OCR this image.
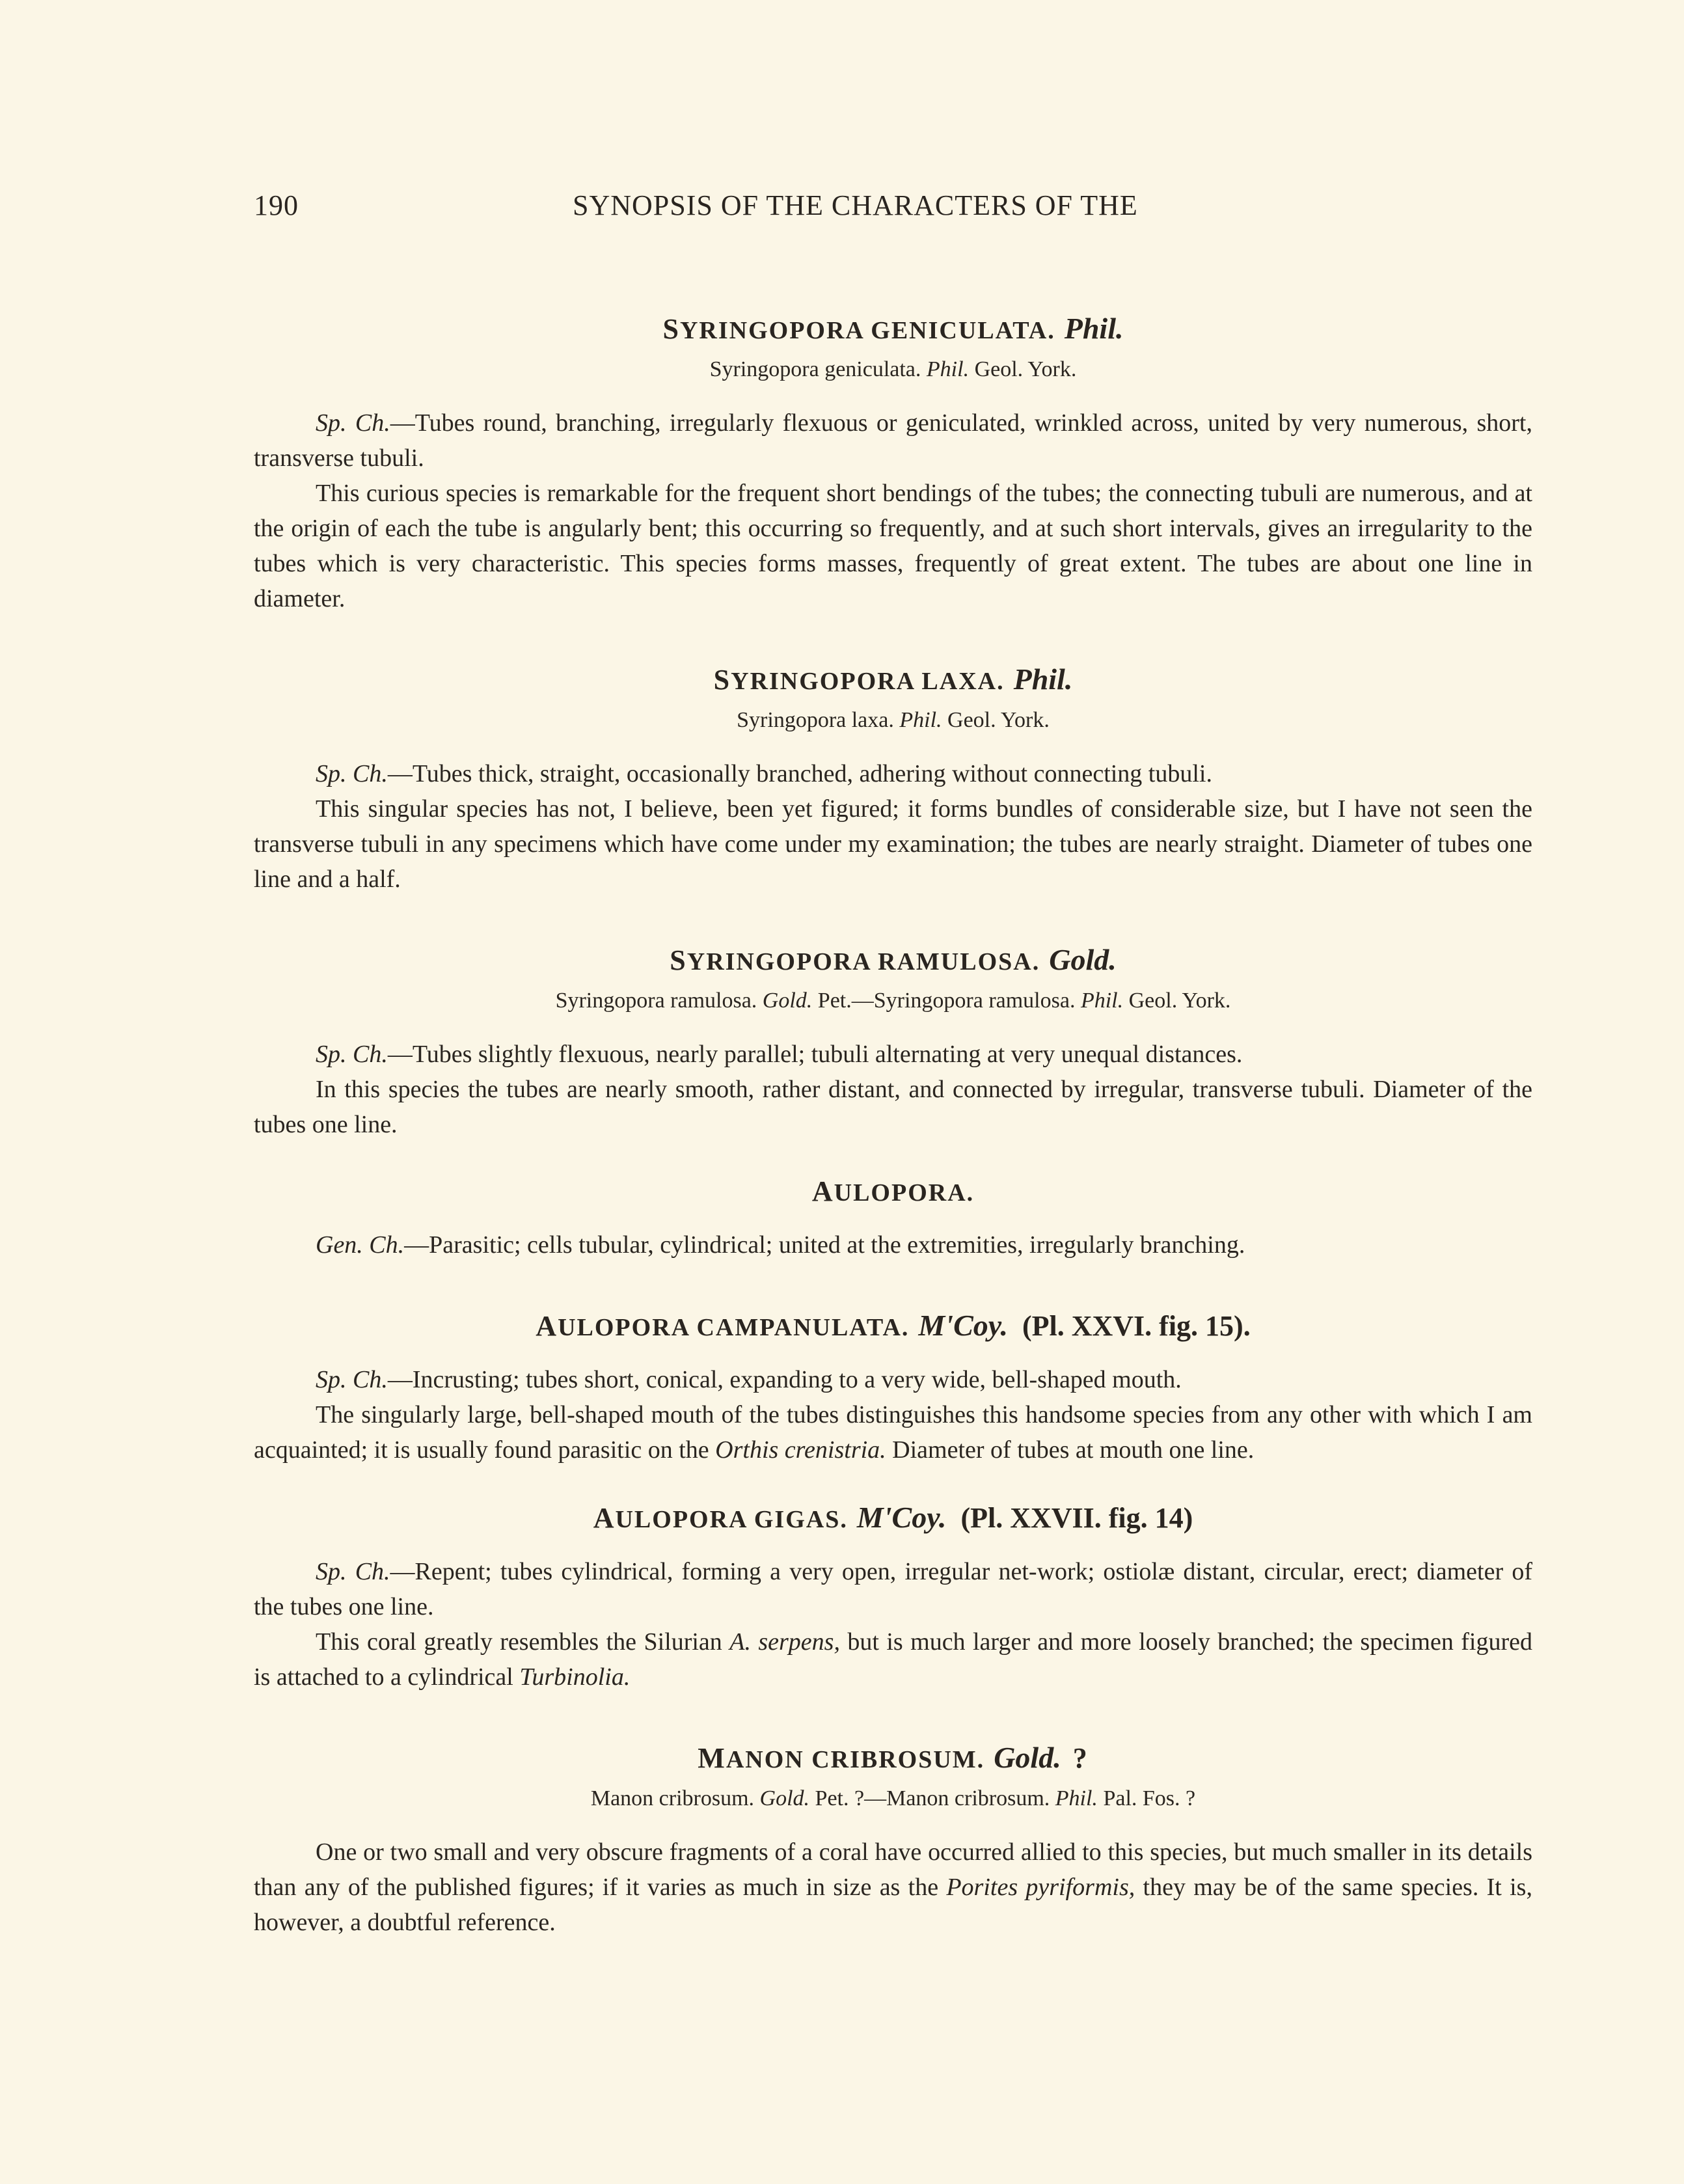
190	SYNOPSIS OF THE CHARACTERS OF THE
SYRINGOPORA GENICULATA. Phil.
Syringopora geniculata. Phil. Geol. York.

Sp. Ch.—Tubes round, branching, irregularly flexuous or geniculated, wrinkled across, united by very numerous, short, transverse tubuli.

This curious species is remarkable for the frequent short bendings of the tubes; the connecting tubuli are numerous, and at the origin of each the tube is angularly bent; this occurring so frequently, and at such short intervals, gives an irregularity to the tubes which is very characteristic. This species forms masses, frequently of great extent. The tubes are about one line in diameter.

SYRINGOPORA LAXA. Phil.
Syringopora laxa. Phil. Geol. York.

Sp. Ch.—Tubes thick, straight, occasionally branched, adhering without connecting tubuli.

This singular species has not, I believe, been yet figured; it forms bundles of considerable size, but I have not seen the transverse tubuli in any specimens which have come under my examination; the tubes are nearly straight. Diameter of tubes one line and a half.

SYRINGOPORA RAMULOSA. Gold.
Syringopora ramulosa. Gold. Pet.—Syringopora ramulosa. Phil. Geol. York.

Sp. Ch.—Tubes slightly flexuous, nearly parallel; tubuli alternating at very unequal distances.

In this species the tubes are nearly smooth, rather distant, and connected by irregular, transverse tubuli. Diameter of the tubes one line.

AULOPORA.

Gen. Ch.—Parasitic; cells tubular, cylindrical; united at the extremities, irregularly branching.

AULOPORA CAMPANULATA. M'Coy. (Pl. XXVI. fig. 15).

Sp. Ch.—Incrusting; tubes short, conical, expanding to a very wide, bell-shaped mouth.

The singularly large, bell-shaped mouth of the tubes distinguishes this handsome species from any other with which I am acquainted; it is usually found parasitic on the Orthis crenistria. Diameter of tubes at mouth one line.

AULOPORA GIGAS. M'Coy. (Pl. XXVII. fig. 14)

Sp. Ch.—Repent; tubes cylindrical, forming a very open, irregular net-work; ostiolæ distant, circular, erect; diameter of the tubes one line.

This coral greatly resembles the Silurian A. serpens, but is much larger and more loosely branched; the specimen figured is attached to a cylindrical Turbinolia.

MANON CRIBROSUM. Gold. ?
Manon cribrosum. Gold. Pet. ?—Manon cribrosum. Phil. Pal. Fos. ?

One or two small and very obscure fragments of a coral have occurred allied to this species, but much smaller in its details than any of the published figures; if it varies as much in size as the Porites pyriformis, they may be of the same species. It is, however, a doubtful reference.
